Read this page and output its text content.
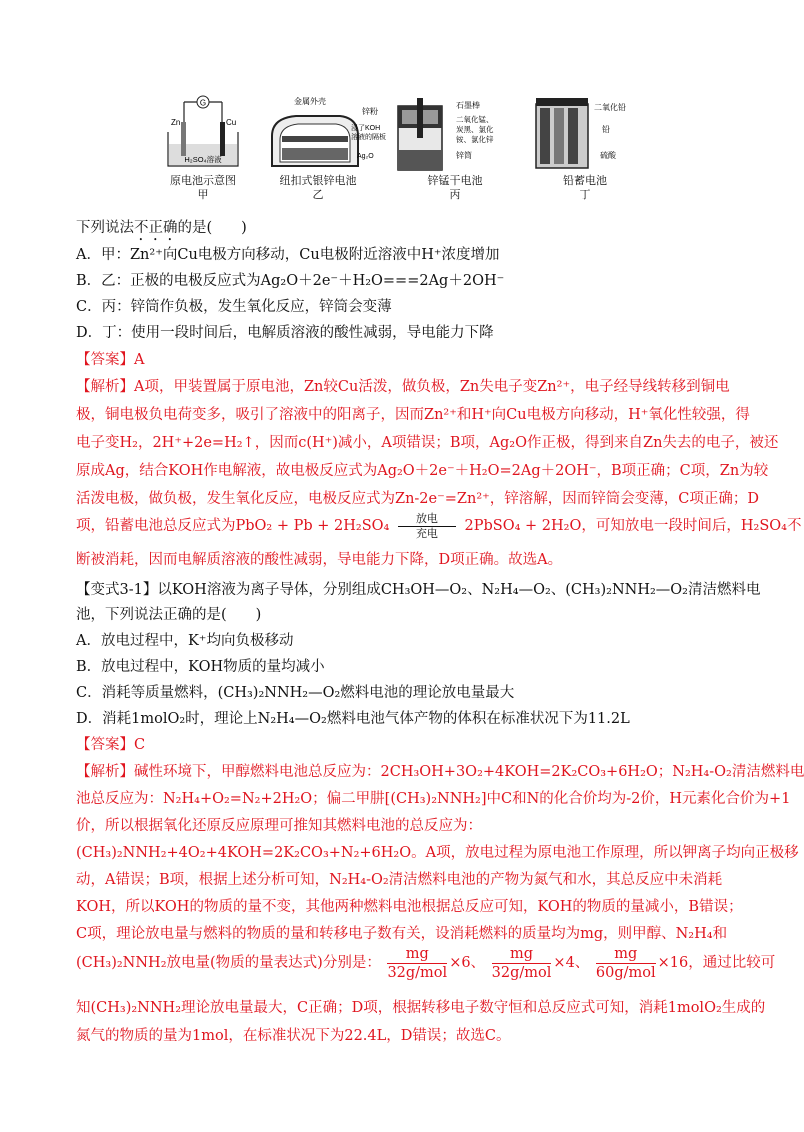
G
Zn	Cu
H₂SO₄溶液
原电池示意图
甲
金属外壳
锌粉
浸了KOH
溶液的隔板
Ag₂O
纽扣式银锌电池
乙
石墨棒
二氧化锰、
炭黑、氯化
铵、氯化锌
锌筒
锌锰干电池
丙
二氧化铅
铅
硫酸
铅蓄电池
丁
下列说法不正确的是(　　)
A．甲：Zn²⁺向Cu电极方向移动，Cu电极附近溶液中H⁺浓度增加
B．乙：正极的电极反应式为Ag₂O＋2e⁻＋H₂O===2Ag＋2OH⁻
C．丙：锌筒作负极，发生氧化反应，锌筒会变薄
D．丁：使用一段时间后，电解质溶液的酸性减弱，导电能力下降
【答案】A
【解析】A项，甲装置属于原电池，Zn较Cu活泼，做负极，Zn失电子变Zn²⁺，电子经导线转移到铜电
极，铜电极负电荷变多，吸引了溶液中的阳离子，因而Zn²⁺和H⁺向Cu电极方向移动，H⁺氧化性较强，得
电子变H₂，2H⁺+2e=H₂↑，因而c(H⁺)减小，A项错误；B项，Ag₂O作正极，得到来自Zn失去的电子，被还
原成Ag，结合KOH作电解液，故电极反应式为Ag₂O＋2e⁻＋H₂O=2Ag＋2OH⁻，B项正确；C项，Zn为较
活泼电极，做负极，发生氧化反应，电极反应式为Zn-2e⁻=Zn²⁺，锌溶解，因而锌筒会变薄，C项正确；D
项，铅蓄电池总反应式为PbO₂ + Pb + 2H₂SO₄	放电
充电	2PbSO₄ + 2H₂O，可知放电一段时间后，H₂SO₄不
断被消耗，因而电解质溶液的酸性减弱，导电能力下降，D项正确。故选A。
【变式3-1】以KOH溶液为离子导体，分别组成CH₃OH—O₂、N₂H₄—O₂、(CH₃)₂NNH₂—O₂清洁燃料电
池，下列说法正确的是(　　)
A．放电过程中，K⁺均向负极移动
B．放电过程中，KOH物质的量均减小
C．消耗等质量燃料，(CH₃)₂NNH₂—O₂燃料电池的理论放电量最大
D．消耗1molO₂时，理论上N₂H₄—O₂燃料电池气体产物的体积在标准状况下为11.2L
【答案】C
【解析】碱性环境下，甲醇燃料电池总反应为：2CH₃OH+3O₂+4KOH=2K₂CO₃+6H₂O；N₂H₄-O₂清洁燃料电
池总反应为：N₂H₄+O₂=N₂+2H₂O；偏二甲肼[(CH₃)₂NNH₂]中C和N的化合价均为-2价，H元素化合价为+1
价，所以根据氧化还原反应原理可推知其燃料电池的总反应为：
(CH₃)₂NNH₂+4O₂+4KOH=2K₂CO₃+N₂+6H₂O。A项，放电过程为原电池工作原理，所以钾离子均向正极移
动，A错误；B项，根据上述分析可知，N₂H₄-O₂清洁燃料电池的产物为氮气和水，其总反应中未消耗
KOH，所以KOH的物质的量不变，其他两种燃料电池根据总反应可知，KOH的物质的量减小，B错误；
C项，理论放电量与燃料的物质的量和转移电子数有关，设消耗燃料的质量均为mg，则甲醇、N₂H₄和
(CH₃)₂NNH₂放电量(物质的量表达式)分别是： $\frac{mg}{\text{32g/mol}} \times 6$、 $\frac{mg}{\text{32g/mol}} \times 4$、 $\frac{mg}{\text{60g/mol}} \times 16$，通过比较可
知(CH₃)₂NNH₂理论放电量最大，C正确；D项，根据转移电子数守恒和总反应式可知，消耗1molO₂生成的
氮气的物质的量为1mol，在标准状况下为22.4L，D错误；故选C。
